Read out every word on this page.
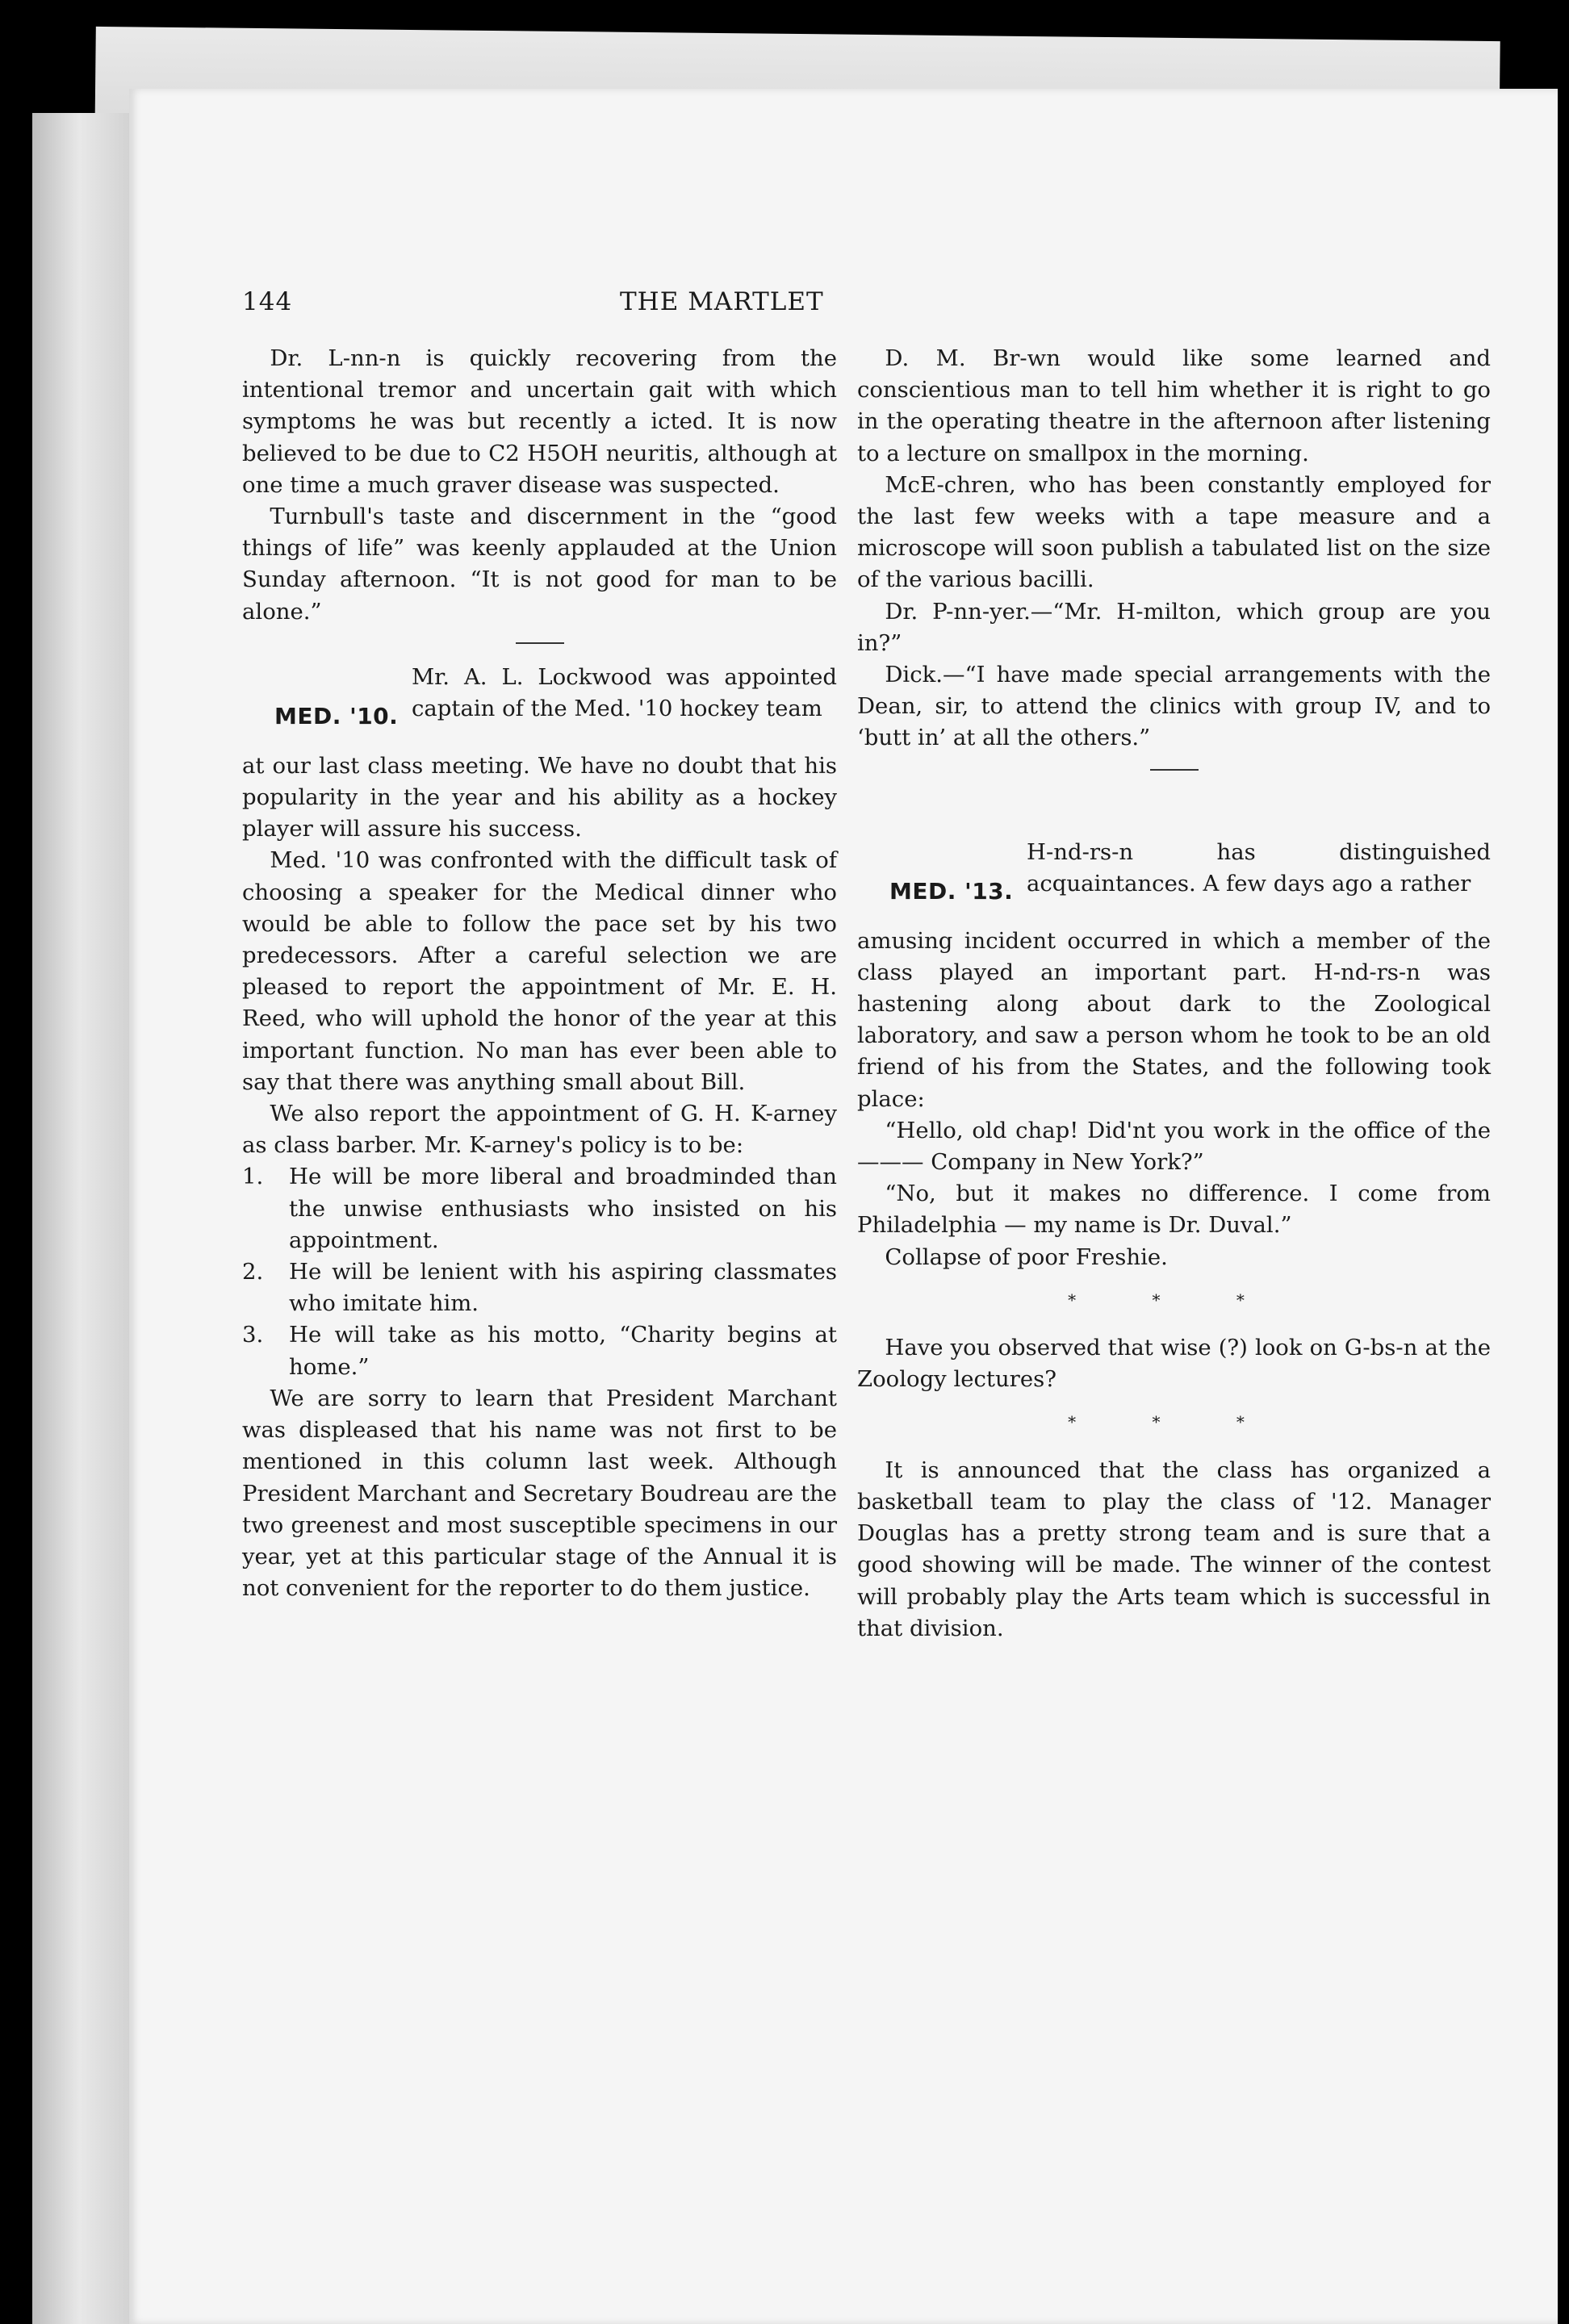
144	THE MARTLET

Dr. L-nn-n is quickly recovering from the intentional tremor and uncertain gait with which symptoms he was but recently a icted. It is now believed to be due to C2 H5OH neuritis, although at one time a much graver disease was suspected.

Turnbull's taste and discernment in the “good things of life” was keenly applauded at the Union Sunday afternoon. “It is not good for man to be alone.”

MED. '10.

Mr. A. L. Lockwood was appointed captain of the Med. '10 hockey team

at our last class meeting. We have no doubt that his popularity in the year and his ability as a hockey player will assure his success.

Med. '10 was confronted with the difficult task of choosing a speaker for the Medical dinner who would be able to follow the pace set by his two predecessors. After a careful selection we are pleased to report the appointment of Mr. E. H. Reed, who will uphold the honor of the year at this important function. No man has ever been able to say that there was anything small about Bill.

We also report the appointment of G. H. K-arney as class barber. Mr. K-arney's policy is to be:

1. He will be more liberal and broadminded than the unwise enthusiasts who insisted on his appointment.
2. He will be lenient with his aspiring classmates who imitate him.
3. He will take as his motto, “Charity begins at home.”

We are sorry to learn that President Marchant was displeased that his name was not first to be mentioned in this column last week. Although President Marchant and Secretary Boudreau are the two greenest and most susceptible specimens in our year, yet at this particular stage of the Annual it is not convenient for the reporter to do them justice.

D. M. Br-wn would like some learned and conscientious man to tell him whether it is right to go in the operating theatre in the afternoon after listening to a lecture on smallpox in the morning.

McE-chren, who has been constantly employed for the last few weeks with a tape measure and a microscope will soon publish a tabulated list on the size of the various bacilli.

Dr. P-nn-yer.—“Mr. H-milton, which group are you in?”

Dick.—“I have made special arrangements with the Dean, sir, to attend the clinics with group IV, and to ‘butt in’ at all the others.”

MED. '13.

H-nd-rs-n has distinguished acquaintances. A few days ago a rather

amusing incident occurred in which a member of the class played an important part. H-nd-rs-n was hastening along about dark to the Zoological laboratory, and saw a person whom he took to be an old friend of his from the States, and the following took place:

“Hello, old chap! Did'nt you work in the office of the ——— Company in New York?”

“No, but it makes no difference. I come from Philadelphia — my name is Dr. Duval.”

Collapse of poor Freshie.

* * *

Have you observed that wise (?) look on G-bs-n at the Zoology lectures?

* * *

It is announced that the class has organized a basketball team to play the class of '12. Manager Douglas has a pretty strong team and is sure that a good showing will be made. The winner of the contest will probably play the Arts team which is successful in that division.
